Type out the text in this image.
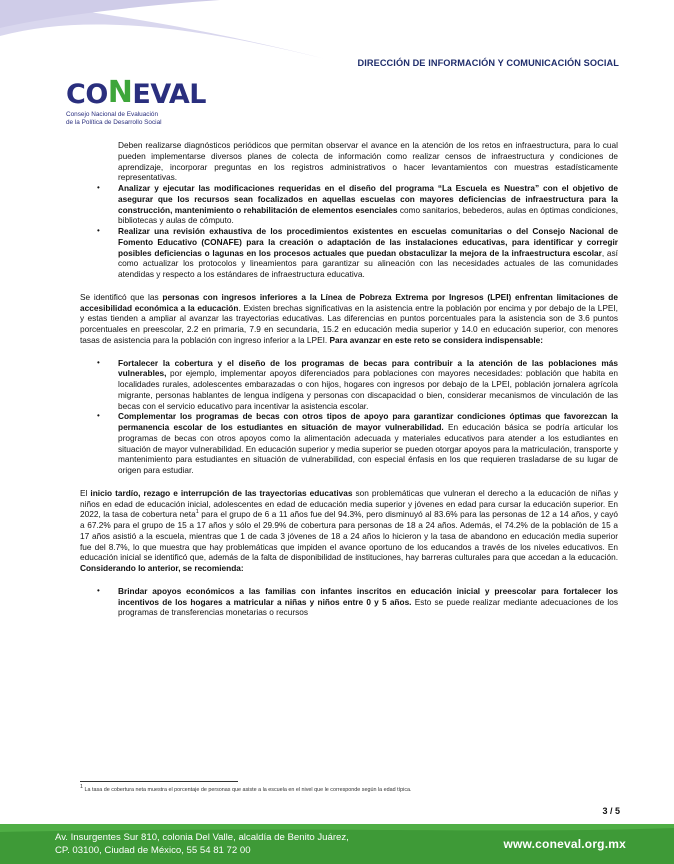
DIRECCIÓN DE INFORMACIÓN Y COMUNICACIÓN SOCIAL
CO N EVAL
Consejo Nacional de Evaluación
de la Política de Desarrollo Social

Deben realizarse diagnósticos periódicos que permitan observar el avance en la atención de los retos en infraestructura, para lo cual pueden implementarse diversos planes de colecta de información como realizar censos de infraestructura y condiciones de aprendizaje, incorporar preguntas en los registros administrativos o hacer levantamientos con muestras estadísticamente representativas.

• Analizar y ejecutar las modificaciones requeridas en el diseño del programa “La Escuela es Nuestra” con el objetivo de asegurar que los recursos sean focalizados en aquellas escuelas con mayores deficiencias de infraestructura para la construcción, mantenimiento o rehabilitación de elementos esenciales como sanitarios, bebederos, aulas en óptimas condiciones, bibliotecas y aulas de cómputo.
• Realizar una revisión exhaustiva de los procedimientos existentes en escuelas comunitarias o del Consejo Nacional de Fomento Educativo (CONAFE) para la creación o adaptación de las instalaciones educativas, para identificar y corregir posibles deficiencias o lagunas en los procesos actuales que puedan obstaculizar la mejora de la infraestructura escolar, así como actualizar los protocolos y lineamientos para garantizar su alineación con las necesidades actuales de las comunidades atendidas y respecto a los estándares de infraestructura educativa.

Se identificó que las personas con ingresos inferiores a la Línea de Pobreza Extrema por Ingresos (LPEI) enfrentan limitaciones de accesibilidad económica a la educación. Existen brechas significativas en la asistencia entre la población por encima y por debajo de la LPEI, y estas tienden a ampliar al avanzar las trayectorias educativas. Las diferencias en puntos porcentuales para la asistencia son de 3.6 puntos porcentuales en preescolar, 2.2 en primaria, 7.9 en secundaria, 15.2 en educación media superior y 14.0 en educación superior, con menores tasas de asistencia para la población con ingreso inferior a la LPEI. Para avanzar en este reto se considera indispensable:

• Fortalecer la cobertura y el diseño de los programas de becas para contribuir a la atención de las poblaciones más vulnerables, por ejemplo, implementar apoyos diferenciados para poblaciones con mayores necesidades: población que habita en localidades rurales, adolescentes embarazadas o con hijos, hogares con ingresos por debajo de la LPEI, población jornalera agrícola migrante, personas hablantes de lengua indígena y personas con discapacidad o bien, considerar mecanismos de vinculación de las becas con el servicio educativo para incentivar la asistencia escolar.
• Complementar los programas de becas con otros tipos de apoyo para garantizar condiciones óptimas que favorezcan la permanencia escolar de los estudiantes en situación de mayor vulnerabilidad. En educación básica se podría articular los programas de becas con otros apoyos como la alimentación adecuada y materiales educativos para atender a los estudiantes en situación de mayor vulnerabilidad. En educación superior y media superior se pueden otorgar apoyos para la matriculación, transporte y mantenimiento para estudiantes en situación de vulnerabilidad, con especial énfasis en los que requieren trasladarse de su lugar de origen para estudiar.

El inicio tardío, rezago e interrupción de las trayectorias educativas son problemáticas que vulneran el derecho a la educación de niñas y niños en edad de educación inicial, adolescentes en edad de educación media superior y jóvenes en edad para cursar la educación superior. En 2022, la tasa de cobertura neta$^1$ para el grupo de 6 a 11 años fue del 94.3%, pero disminuyó al 83.6% para las personas de 12 a 14 años, y cayó a 67.2% para el grupo de 15 a 17 años y sólo el 29.9% de cobertura para personas de 18 a 24 años. Además, el 74.2% de la población de 15 a 17 años asistió a la escuela, mientras que 1 de cada 3 jóvenes de 18 a 24 años lo hicieron y la tasa de abandono en educación media superior fue del 8.7%, lo que muestra que hay problemáticas que impiden el avance oportuno de los educandos a través de los niveles educativos. En educación inicial se identificó que, además de la falta de disponibilidad de instituciones, hay barreras culturales para que accedan a la educación. Considerando lo anterior, se recomienda:

• Brindar apoyos económicos a las familias con infantes inscritos en educación inicial y preescolar para fortalecer los incentivos de los hogares a matricular a niñas y niños entre 0 y 5 años. Esto se puede realizar mediante adecuaciones de los programas de transferencias monetarias o recursos
$^1$ La tasa de cobertura neta muestra el porcentaje de personas que asiste a la escuela en el nivel que le corresponde según la edad típica.
3 / 5
Av. Insurgentes Sur 810, colonia Del Valle, alcaldía de Benito Juárez,
CP. 03100, Ciudad de México, 55 54 81 72 00	www.coneval.org.mx
